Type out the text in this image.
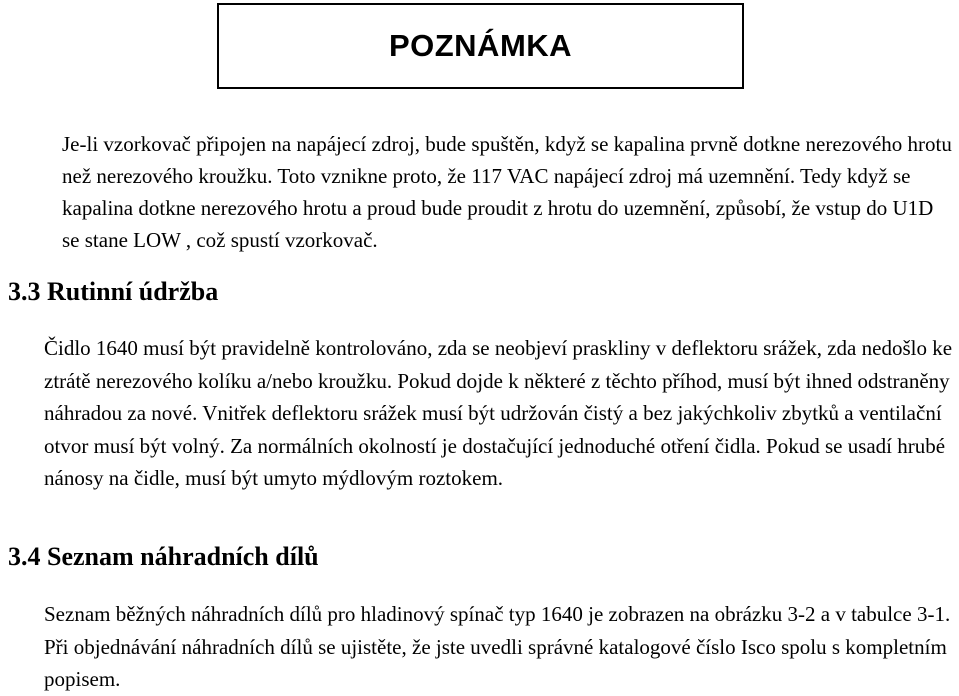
POZNÁMKA

Je-li vzorkovač připojen na napájecí zdroj, bude spuštěn, když se kapalina prvně dotkne nerezového hrotu než nerezového kroužku. Toto vznikne proto, že 117 VAC napájecí zdroj má uzemnění. Tedy když se kapalina dotkne nerezového hrotu a proud bude proudit z hrotu do uzemnění, způsobí, že vstup do U1D se stane LOW , což spustí vzorkovač.

3.3 Rutinní údržba

Čidlo 1640 musí být pravidelně kontrolováno, zda se neobjeví praskliny v deflektoru srážek, zda nedošlo ke ztrátě nerezového kolíku a/nebo kroužku. Pokud dojde k některé z těchto příhod, musí být ihned odstraněny náhradou za nové. Vnitřek deflektoru srážek musí být udržován čistý a bez jakýchkoliv zbytků a ventilační otvor musí být volný. Za normálních okolností je dostačující jednoduché otření čidla. Pokud se usadí hrubé nánosy na čidle, musí být umyto mýdlovým roztokem.

3.4 Seznam náhradních dílů

Seznam běžných náhradních dílů pro hladinový spínač typ 1640 je zobrazen na obrázku 3-2 a v tabulce 3-1. Při objednávání náhradních dílů se ujistěte, že jste uvedli správné katalogové číslo Isco spolu s kompletním popisem.
